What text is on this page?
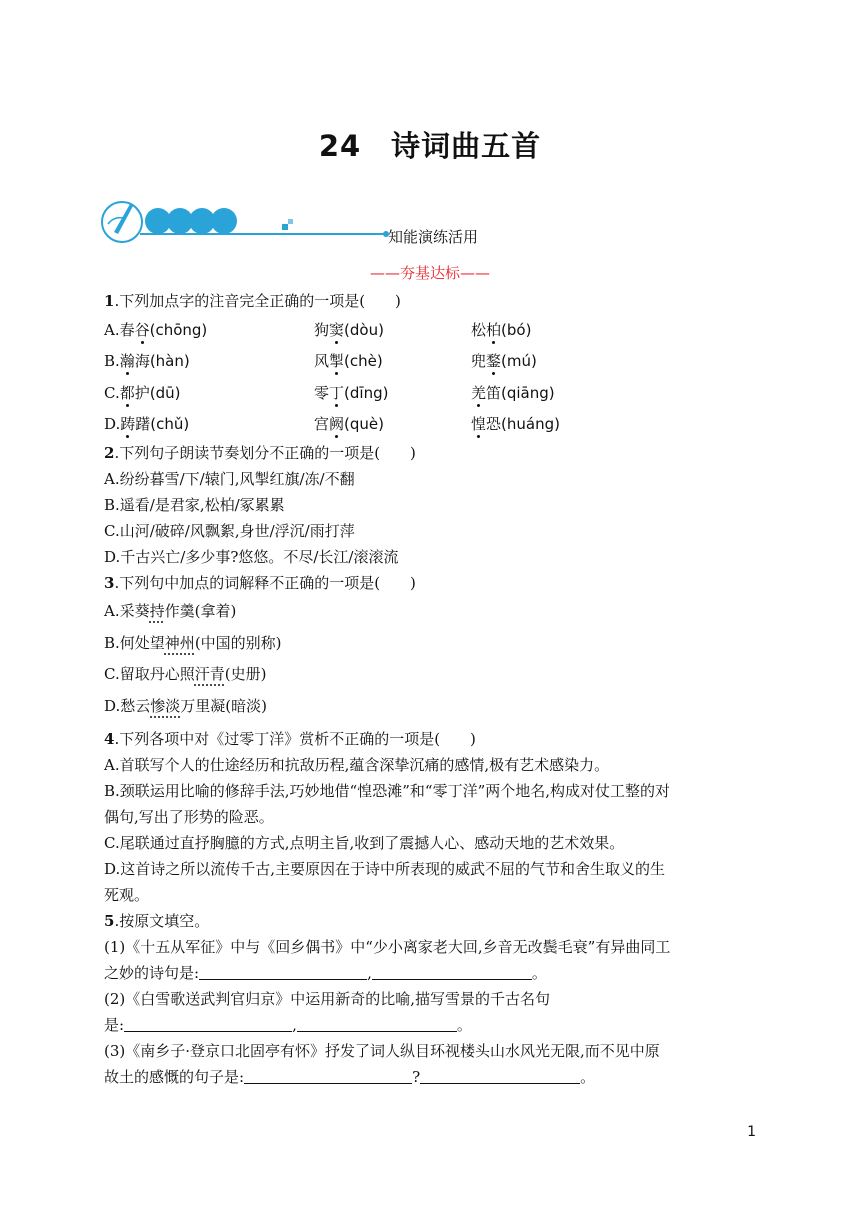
24 诗词曲五首
知能演练活用
——夯基达标——
1.下列加点字的注音完全正确的一项是(　　)
A.春谷(chōng)	狗窦(dòu)	松柏(bó)
B.瀚海(hàn)	风掣(chè)	兜鍪(mú)
C.都护(dū)	零丁(dīng)	羌笛(qiāng)
D.踌躇(chǔ)	宫阙(què)	惶恐(huáng)
2.下列句子朗读节奏划分不正确的一项是(　　)
A.纷纷暮雪/下/辕门,风掣红旗/冻/不翻
B.遥看/是君家,松柏/冢累累
C.山河/破碎/风飘絮,身世/浮沉/雨打萍
D.千古兴亡/多少事?悠悠。不尽/长江/滚滚流
3.下列句中加点的词解释不正确的一项是(　　)
A.采葵持作羹(拿着)
B.何处望神州(中国的别称)
C.留取丹心照汗青(史册)
D.愁云惨淡万里凝(暗淡)
4.下列各项中对《过零丁洋》赏析不正确的一项是(　　)
A.首联写个人的仕途经历和抗敌历程,蕴含深挚沉痛的感情,极有艺术感染力。
B.颈联运用比喻的修辞手法,巧妙地借“惶恐滩”和“零丁洋”两个地名,构成对仗工整的对
偶句,写出了形势的险恶。
C.尾联通过直抒胸臆的方式,点明主旨,收到了震撼人心、感动天地的艺术效果。
D.这首诗之所以流传千古,主要原因在于诗中所表现的威武不屈的气节和舍生取义的生
死观。
5.按原文填空。
(1)《十五从军征》中与《回乡偶书》中“少小离家老大回,乡音无改鬓毛衰”有异曲同工
之妙的诗句是:	,	。
(2)《白雪歌送武判官归京》中运用新奇的比喻,描写雪景的千古名句
是:	,	。
(3)《南乡子·登京口北固亭有怀》抒发了词人纵目环视楼头山水风光无限,而不见中原
故土的感慨的句子是:	?	。
1
